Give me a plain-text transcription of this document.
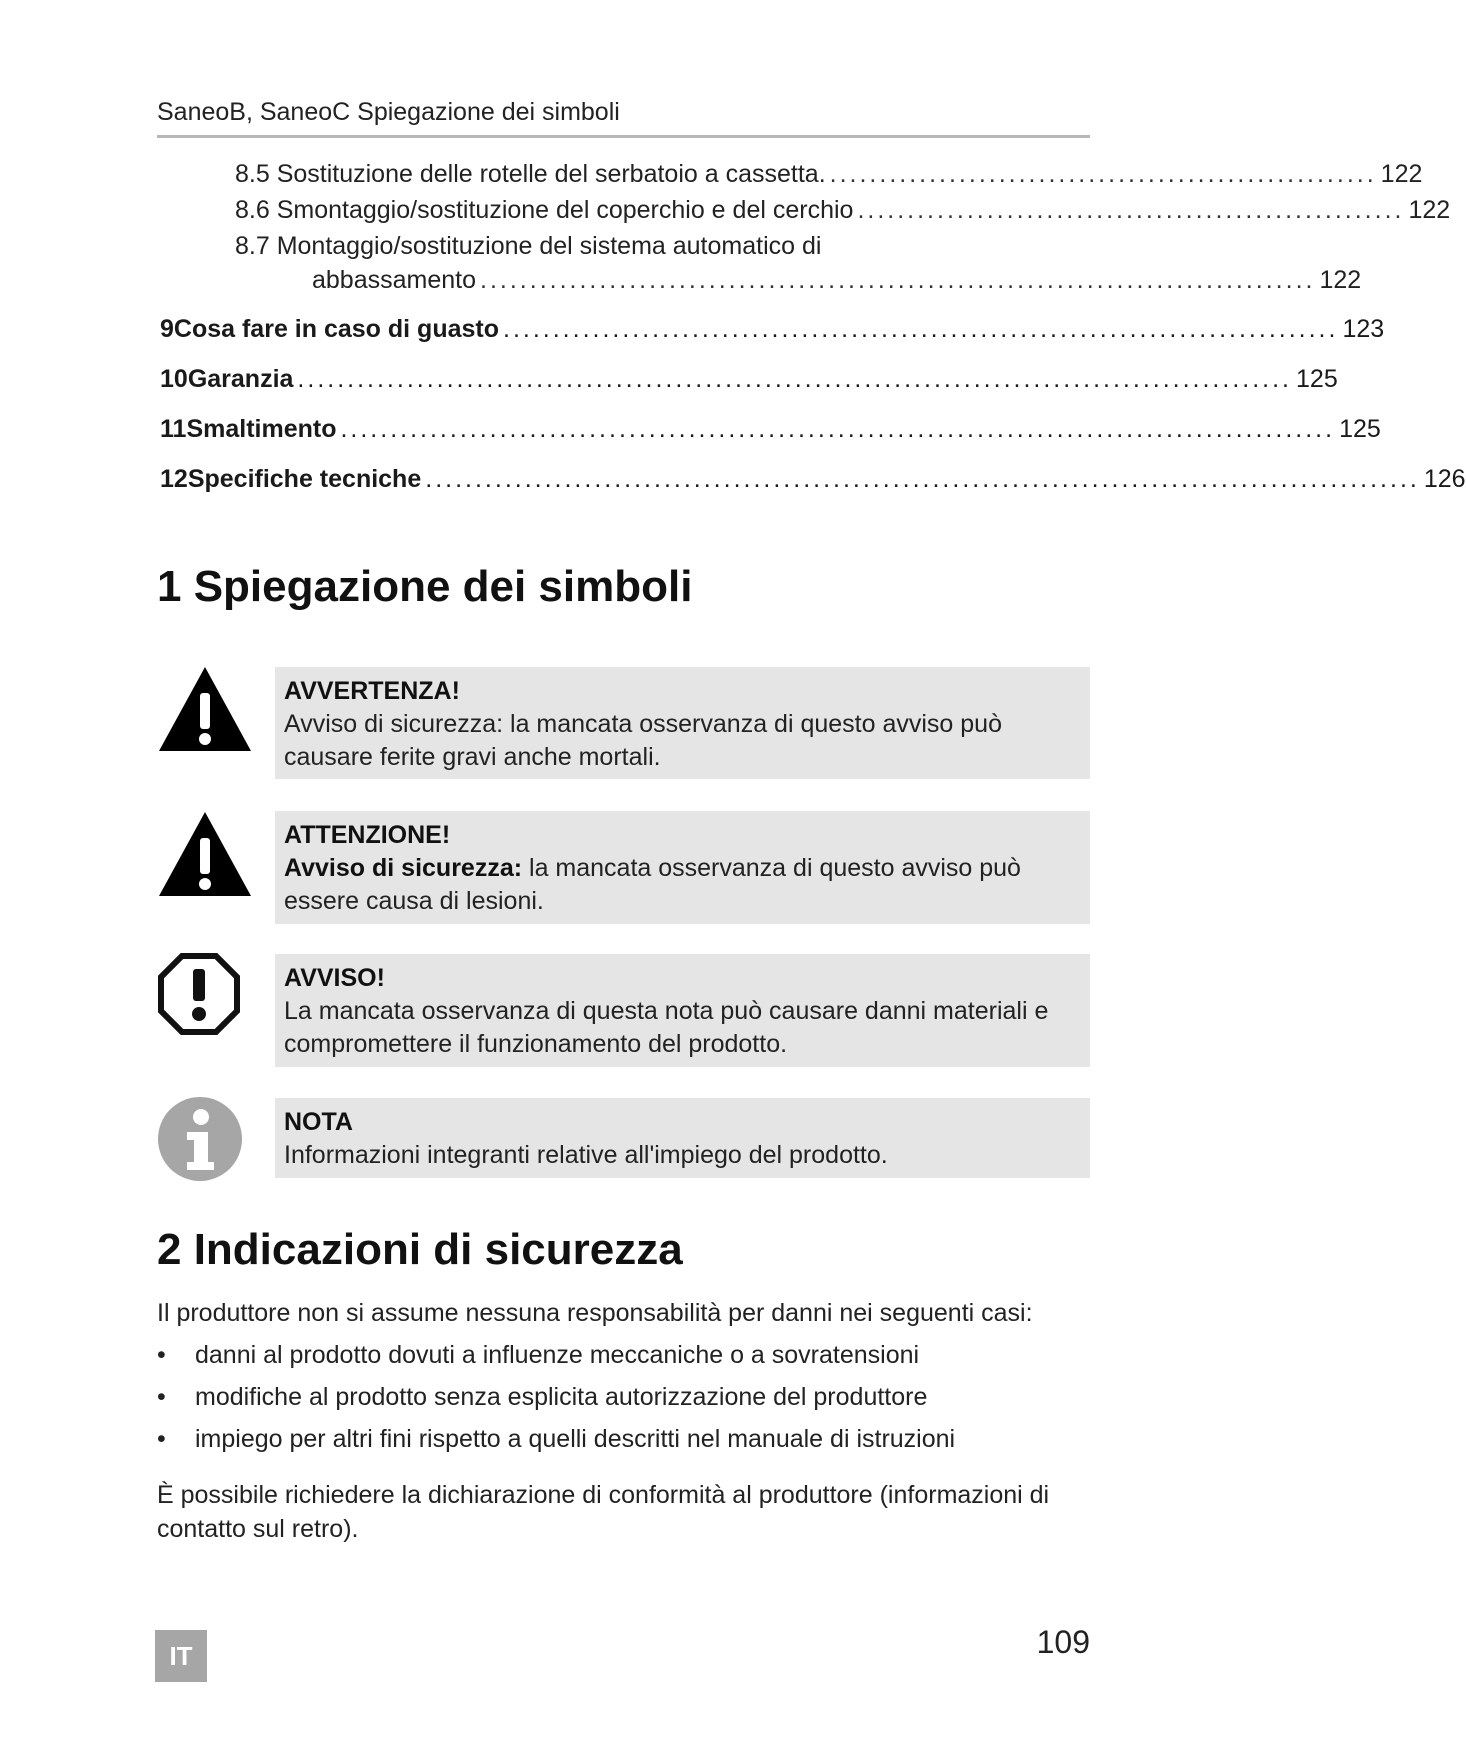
SaneoB, SaneoC Spiegazione dei simboli
8.5 Sostituzione delle rotelle del serbatoio a cassetta. ....................................................... 122
8.6 Smontaggio/sostituzione del coperchio e del cerchio ....................................................... 122
8.7 Montaggio/sostituzione del sistema automatico di
abbassamento .................................................................................... 122
9 Cosa fare in caso di guasto .................................................................................... 123
10 Garanzia .................................................................................................... 125
11 Smaltimento .................................................................................................... 125
12 Specifiche tecniche .................................................................................................... 126
1 Spiegazione dei simboli
AVVERTENZA!
Avviso di sicurezza: la mancata osservanza di questo avviso può causare ferite gravi anche mortali.
ATTENZIONE!
Avviso di sicurezza: la mancata osservanza di questo avviso può essere causa di lesioni.
AVVISO!
La mancata osservanza di questa nota può causare danni materiali e compromettere il funzionamento del prodotto.
NOTA
Informazioni integranti relative all'impiego del prodotto.
2 Indicazioni di sicurezza
Il produttore non si assume nessuna responsabilità per danni nei seguenti casi:
• danni al prodotto dovuti a influenze meccaniche o a sovratensioni
• modifiche al prodotto senza esplicita autorizzazione del produttore
• impiego per altri fini rispetto a quelli descritti nel manuale di istruzioni
È possibile richiedere la dichiarazione di conformità al produttore (informazioni di contatto sul retro).
IT	109
